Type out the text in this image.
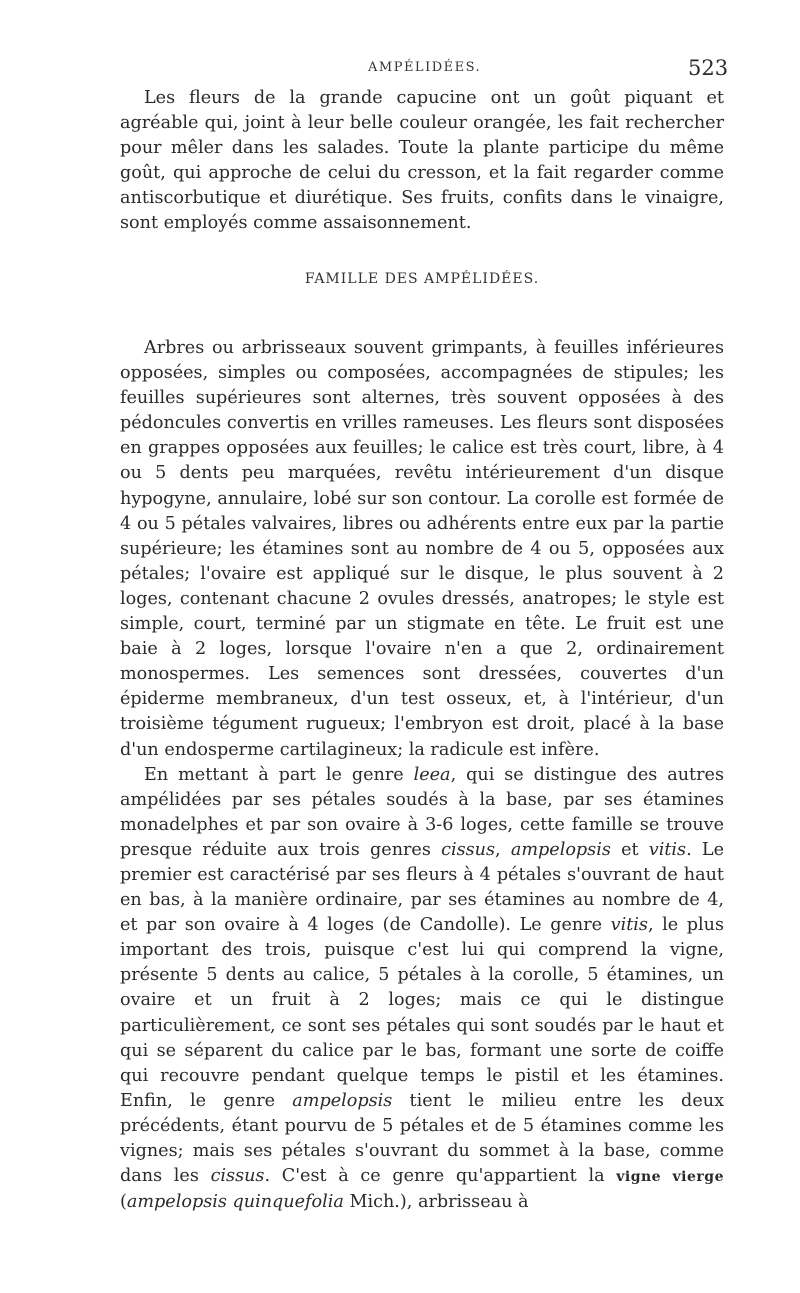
AMPÉLIDÉES.	523

Les fleurs de la grande capucine ont un goût piquant et agréable qui, joint à leur belle couleur orangée, les fait rechercher pour mêler dans les salades. Toute la plante participe du même goût, qui approche de celui du cresson, et la fait regarder comme antiscorbutique et diurétique. Ses fruits, confits dans le vinaigre, sont employés comme assaisonnement.

FAMILLE DES AMPÉLIDÉES.

Arbres ou arbrisseaux souvent grimpants, à feuilles inférieures opposées, simples ou composées, accompagnées de stipules; les feuilles supérieures sont alternes, très souvent opposées à des pédoncules convertis en vrilles rameuses. Les fleurs sont disposées en grappes opposées aux feuilles; le calice est très court, libre, à 4 ou 5 dents peu marquées, revêtu intérieurement d'un disque hypogyne, annulaire, lobé sur son contour. La corolle est formée de 4 ou 5 pétales valvaires, libres ou adhérents entre eux par la partie supérieure; les étamines sont au nombre de 4 ou 5, opposées aux pétales; l'ovaire est appliqué sur le disque, le plus souvent à 2 loges, contenant chacune 2 ovules dressés, anatropes; le style est simple, court, terminé par un stigmate en tête. Le fruit est une baie à 2 loges, lorsque l'ovaire n'en a que 2, ordinairement monospermes. Les semences sont dressées, couvertes d'un épiderme membraneux, d'un test osseux, et, à l'intérieur, d'un troisième tégument rugueux; l'embryon est droit, placé à la base d'un endosperme cartilagineux; la radicule est infère.

En mettant à part le genre leea, qui se distingue des autres ampélidées par ses pétales soudés à la base, par ses étamines monadelphes et par son ovaire à 3-6 loges, cette famille se trouve presque réduite aux trois genres cissus, ampelopsis et vitis. Le premier est caractérisé par ses fleurs à 4 pétales s'ouvrant de haut en bas, à la manière ordinaire, par ses étamines au nombre de 4, et par son ovaire à 4 loges (de Candolle). Le genre vitis, le plus important des trois, puisque c'est lui qui comprend la vigne, présente 5 dents au calice, 5 pétales à la corolle, 5 étamines, un ovaire et un fruit à 2 loges; mais ce qui le distingue particulièrement, ce sont ses pétales qui sont soudés par le haut et qui se séparent du calice par le bas, formant une sorte de coiffe qui recouvre pendant quelque temps le pistil et les étamines. Enfin, le genre ampelopsis tient le milieu entre les deux précédents, étant pourvu de 5 pétales et de 5 étamines comme les vignes; mais ses pétales s'ouvrant du sommet à la base, comme dans les cissus. C'est à ce genre qu'appartient la vigne vierge (ampelopsis quinquefolia Mich.), arbrisseau à
